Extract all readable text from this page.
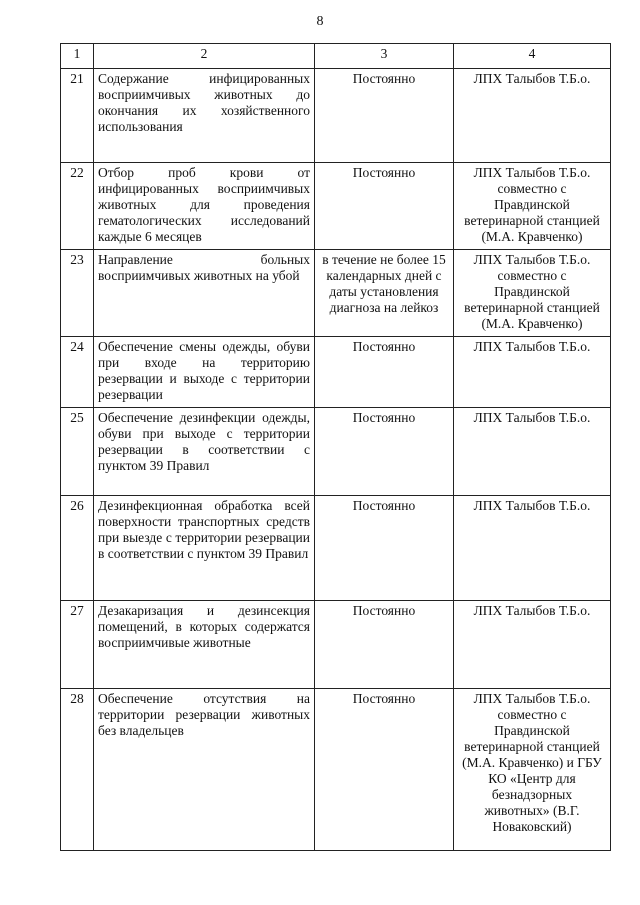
8
1	2	3	4
21	Содержание инфицированных восприимчивых животных до окончания их хозяйственного использования	Постоянно	ЛПХ Талыбов Т.Б.о.
22	Отбор проб крови от инфицированных восприимчивых животных для проведения гематологических исследований каждые 6 месяцев	Постоянно	ЛПХ Талыбов Т.Б.о. совместно с Правдинской ветеринарной станцией (М.А. Кравченко)
23	Направление больных восприимчивых животных на убой	в течение не более 15 календарных дней с даты установления диагноза на лейкоз	ЛПХ Талыбов Т.Б.о. совместно с Правдинской ветеринарной станцией (М.А. Кравченко)
24	Обеспечение смены одежды, обуви при входе на территорию резервации и выходе с территории резервации	Постоянно	ЛПХ Талыбов Т.Б.о.
25	Обеспечение дезинфекции одежды, обуви при выходе с территории резервации в соответствии с пунктом 39 Правил	Постоянно	ЛПХ Талыбов Т.Б.о.
26	Дезинфекционная обработка всей поверхности транспортных средств при выезде с территории резервации в соответствии с пунктом 39 Правил	Постоянно	ЛПХ Талыбов Т.Б.о.
27	Дезакаризация и дезинсекция помещений, в которых содержатся восприимчивые животные	Постоянно	ЛПХ Талыбов Т.Б.о.
28	Обеспечение отсутствия на территории резервации животных без владельцев	Постоянно	ЛПХ Талыбов Т.Б.о. совместно с Правдинской ветеринарной станцией (М.А. Кравченко) и ГБУ КО «Центр для безнадзорных животных» (В.Г. Новаковский)
